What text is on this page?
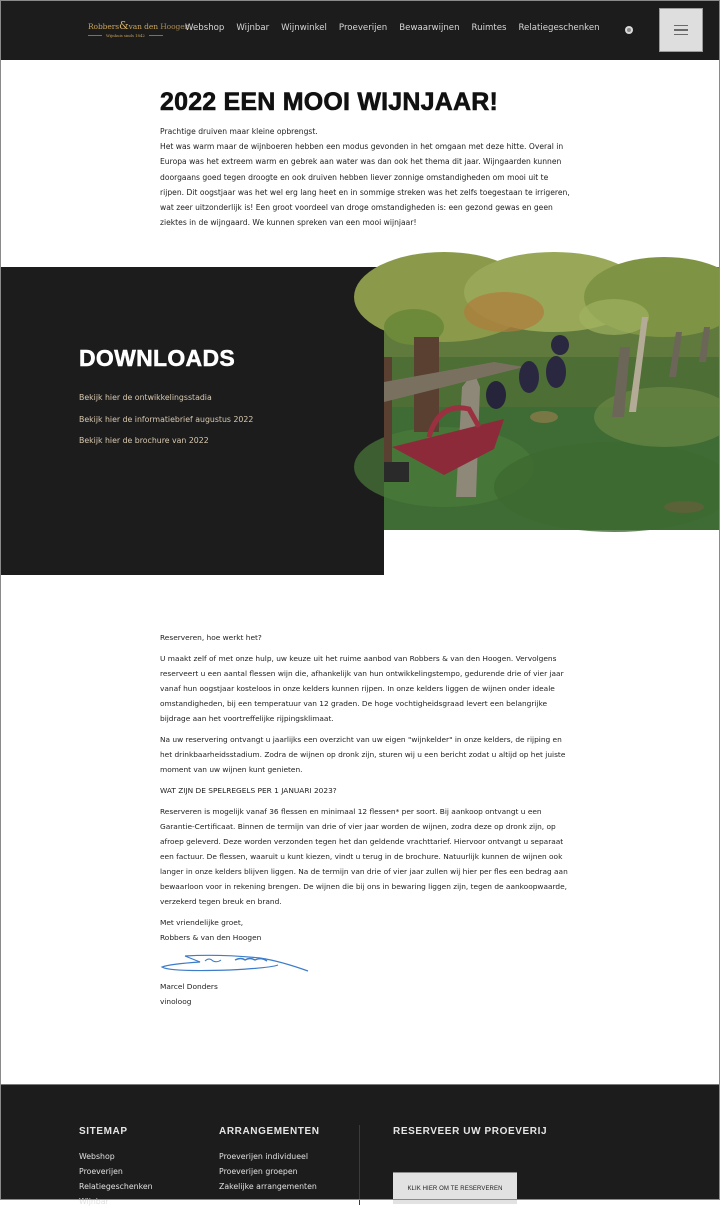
Robbers&van den Hoogen
Wijnhuis sinds 1842
Webshop Wijnbar Wijnwinkel Proeverijen Bewaarwijnen Ruimtes Relatiegeschenken
2022 EEN MOOI WIJNJAAR!

Prachtige druiven maar kleine opbrengst.

Het was warm maar de wijnboeren hebben een modus gevonden in het omgaan met deze hitte. Overal in Europa was het extreem warm en gebrek aan water was dan ook het thema dit jaar. Wijngaarden kunnen doorgaans goed tegen droogte en ook druiven hebben liever zonnige omstandigheden om mooi uit te rijpen. Dit oogstjaar was het wel erg lang heet en in sommige streken was het zelfs toegestaan te irrigeren, wat zeer uitzonderlijk is! Een groot voordeel van droge omstandigheden is: een gezond gewas en geen ziektes in de wijngaard. We kunnen spreken van een mooi wijnjaar!

DOWNLOADS
Bekijk hier de ontwikkelingsstadia
Bekijk hier de informatiebrief augustus 2022
Bekijk hier de brochure van 2022

Reserveren, hoe werkt het?

U maakt zelf of met onze hulp, uw keuze uit het ruime aanbod van Robbers & van den Hoogen. Vervolgens reserveert u een aantal flessen wijn die, afhankelijk van hun ontwikkelingstempo, gedurende drie of vier jaar vanaf hun oogstjaar kosteloos in onze kelders kunnen rijpen. In onze kelders liggen de wijnen onder ideale omstandigheden, bij een temperatuur van 12 graden. De hoge vochtigheidsgraad levert een belangrijke bijdrage aan het voortreffelijke rijpingsklimaat.

Na uw reservering ontvangt u jaarlijks een overzicht van uw eigen "wijnkelder" in onze kelders, de rijping en het drinkbaarheidsstadium. Zodra de wijnen op dronk zijn, sturen wij u een bericht zodat u altijd op het juiste moment van uw wijnen kunt genieten.

WAT ZIJN DE SPELREGELS PER 1 JANUARI 2023?

Reserveren is mogelijk vanaf 36 flessen en minimaal 12 flessen* per soort. Bij aankoop ontvangt u een Garantie-Certificaat. Binnen de termijn van drie of vier jaar worden de wijnen, zodra deze op dronk zijn, op afroep geleverd. Deze worden verzonden tegen het dan geldende vrachttarief. Hiervoor ontvangt u separaat een factuur. De flessen, waaruit u kunt kiezen, vindt u terug in de brochure. Natuurlijk kunnen de wijnen ook langer in onze kelders blijven liggen. Na de termijn van drie of vier jaar zullen wij hier per fles een bedrag aan bewaarloon voor in rekening brengen. De wijnen die bij ons in bewaring liggen zijn, tegen de aankoopwaarde, verzekerd tegen breuk en brand.

Met vriendelijke groet,

Robbers & van den Hoogen

Marcel Donders

vinoloog

SITEMAP
Webshop
Proeverijen
Relatiegeschenken
Wijnbar
ARRANGEMENTEN
Proeverijen individueel
Proeverijen groepen
Zakelijke arrangementen
RESERVEER UW PROEVERIJ
KLIK HIER OM TE RESERVEREN
